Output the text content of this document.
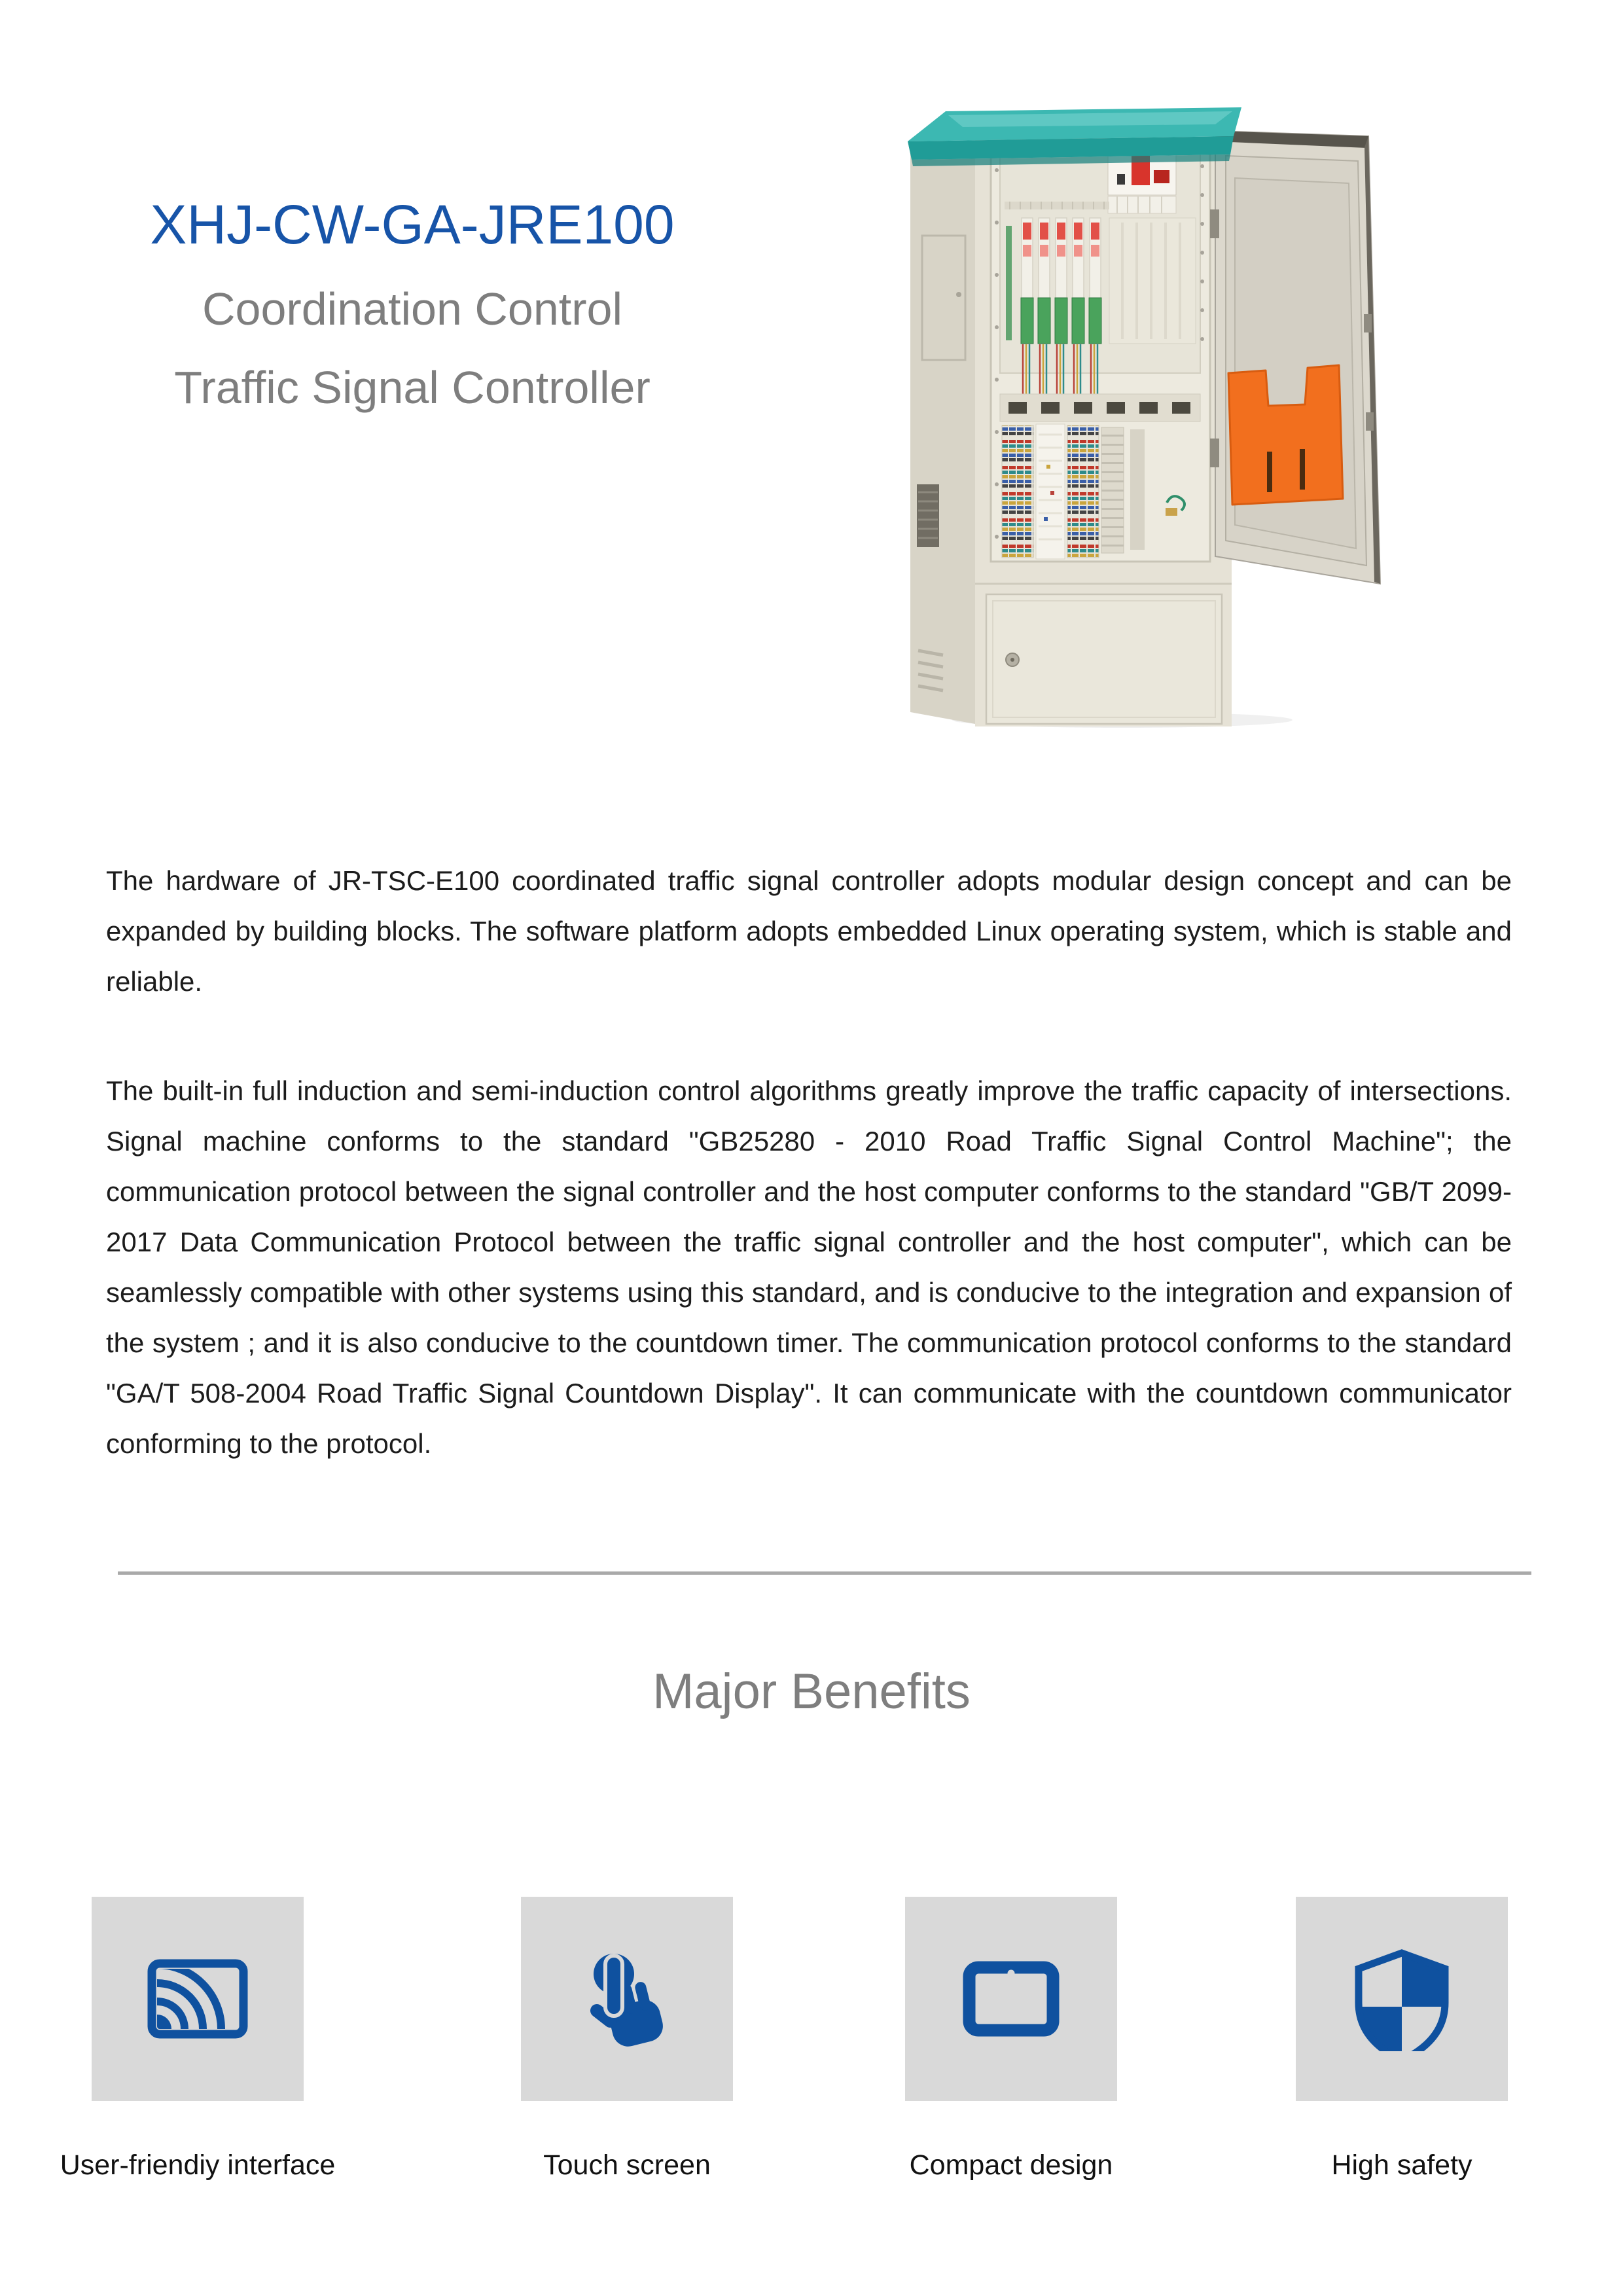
XHJ-CW-GA-JRE100
Coordination Control
Traffic Signal Controller

The hardware of JR-TSC-E100 coordinated traffic signal controller adopts modular design concept and can be expanded by building blocks. The software platform adopts embedded Linux operating system, which is stable and reliable.

The built-in full induction and semi-induction control algorithms greatly improve the traffic capacity of intersections. Signal machine conforms to the standard "GB25280 - 2010 Road Traffic Signal Control Machine"; the communication protocol between the signal controller and the host computer conforms to the standard "GB/T 2099-2017 Data Communication Protocol between the traffic signal controller and the host computer", which can be seamlessly compatible with other systems using this standard, and is conducive to the integration and expansion of the system ; and it is also conducive to the countdown timer. The communication protocol conforms to the standard "GA/T 508-2004 Road Traffic Signal Countdown Display". It can communicate with the countdown communicator conforming to the protocol.

Major Benefits
User-friendiy interface	Touch screen	Compact design	High safety
